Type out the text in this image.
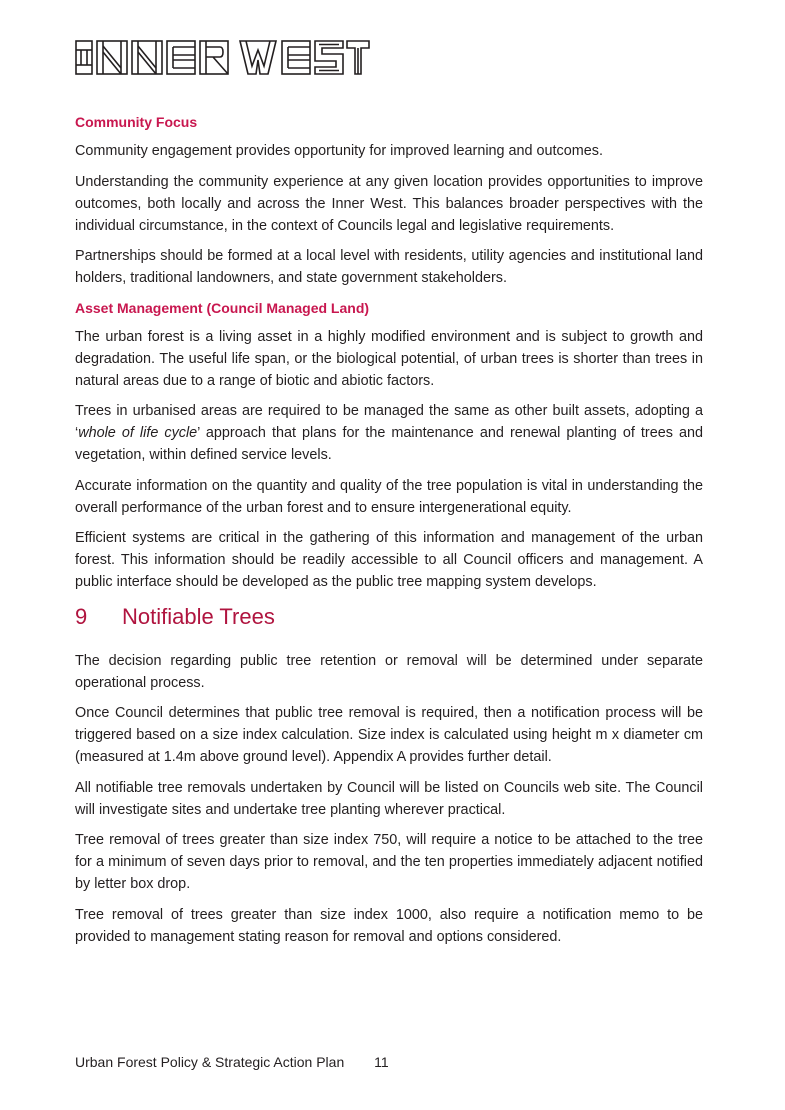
Community Focus

Community engagement provides opportunity for improved learning and outcomes.

Understanding the community experience at any given location provides opportunities to improve outcomes, both locally and across the Inner West. This balances broader perspectives with the individual circumstance, in the context of Councils legal and legislative requirements.

Partnerships should be formed at a local level with residents, utility agencies and institutional land holders, traditional landowners, and state government stakeholders.

Asset Management (Council Managed Land)

The urban forest is a living asset in a highly modified environment and is subject to growth and degradation. The useful life span, or the biological potential, of urban trees is shorter than trees in natural areas due to a range of biotic and abiotic factors.

Trees in urbanised areas are required to be managed the same as other built assets, adopting a ‘whole of life cycle’ approach that plans for the maintenance and renewal planting of trees and vegetation, within defined service levels.

Accurate information on the quantity and quality of the tree population is vital in understanding the overall performance of the urban forest and to ensure intergenerational equity.

Efficient systems are critical in the gathering of this information and management of the urban forest. This information should be readily accessible to all Council officers and management. A public interface should be developed as the public tree mapping system develops.

9	Notifiable Trees

The decision regarding public tree retention or removal will be determined under separate operational process.

Once Council determines that public tree removal is required, then a notification process will be triggered based on a size index calculation. Size index is calculated using height m x diameter cm (measured at 1.4m above ground level). Appendix A provides further detail.

All notifiable tree removals undertaken by Council will be listed on Councils web site. The Council will investigate sites and undertake tree planting wherever practical.

Tree removal of trees greater than size index 750, will require a notice to be attached to the tree for a minimum of seven days prior to removal, and the ten properties immediately adjacent notified by letter box drop.

Tree removal of trees greater than size index 1000, also require a notification memo to be provided to management stating reason for removal and options considered.

Urban Forest Policy & Strategic Action Plan 11
